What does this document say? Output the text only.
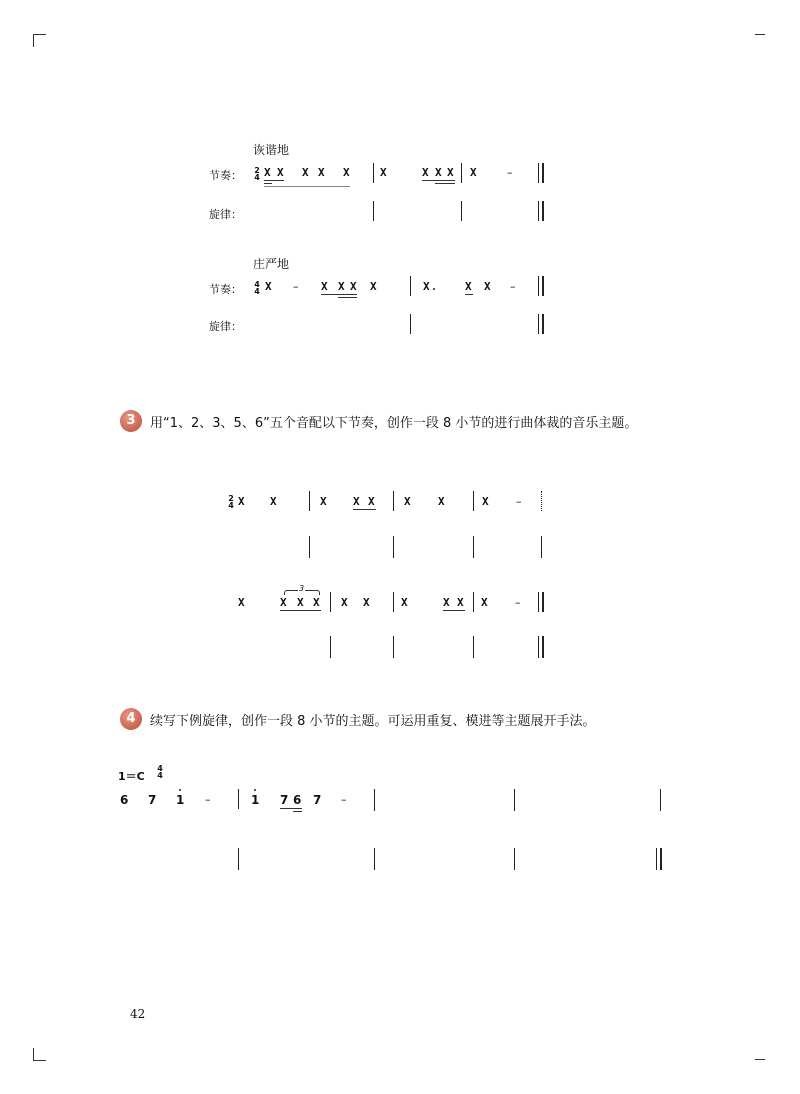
诙谐地
节奏： 2
4 X X X X X	X	X X X X	–
旋律：
庄严地
节奏： 4
4 X – X X X X	X	X X –
旋律：
3	用“1、2、3、5、6”五个音配以下节奏，创作一段 8 小节的进行曲体裁的音乐主题。
2
4 X X	X X X	X X	X –
X
3
X X X X X	X	X X X –
4	续写下例旋律，创作一段 8 小节的主题。可运用重复、模进等主题展开手法。
1＝C
4
4
6 7 1 –	1 7 6 7 –
42
